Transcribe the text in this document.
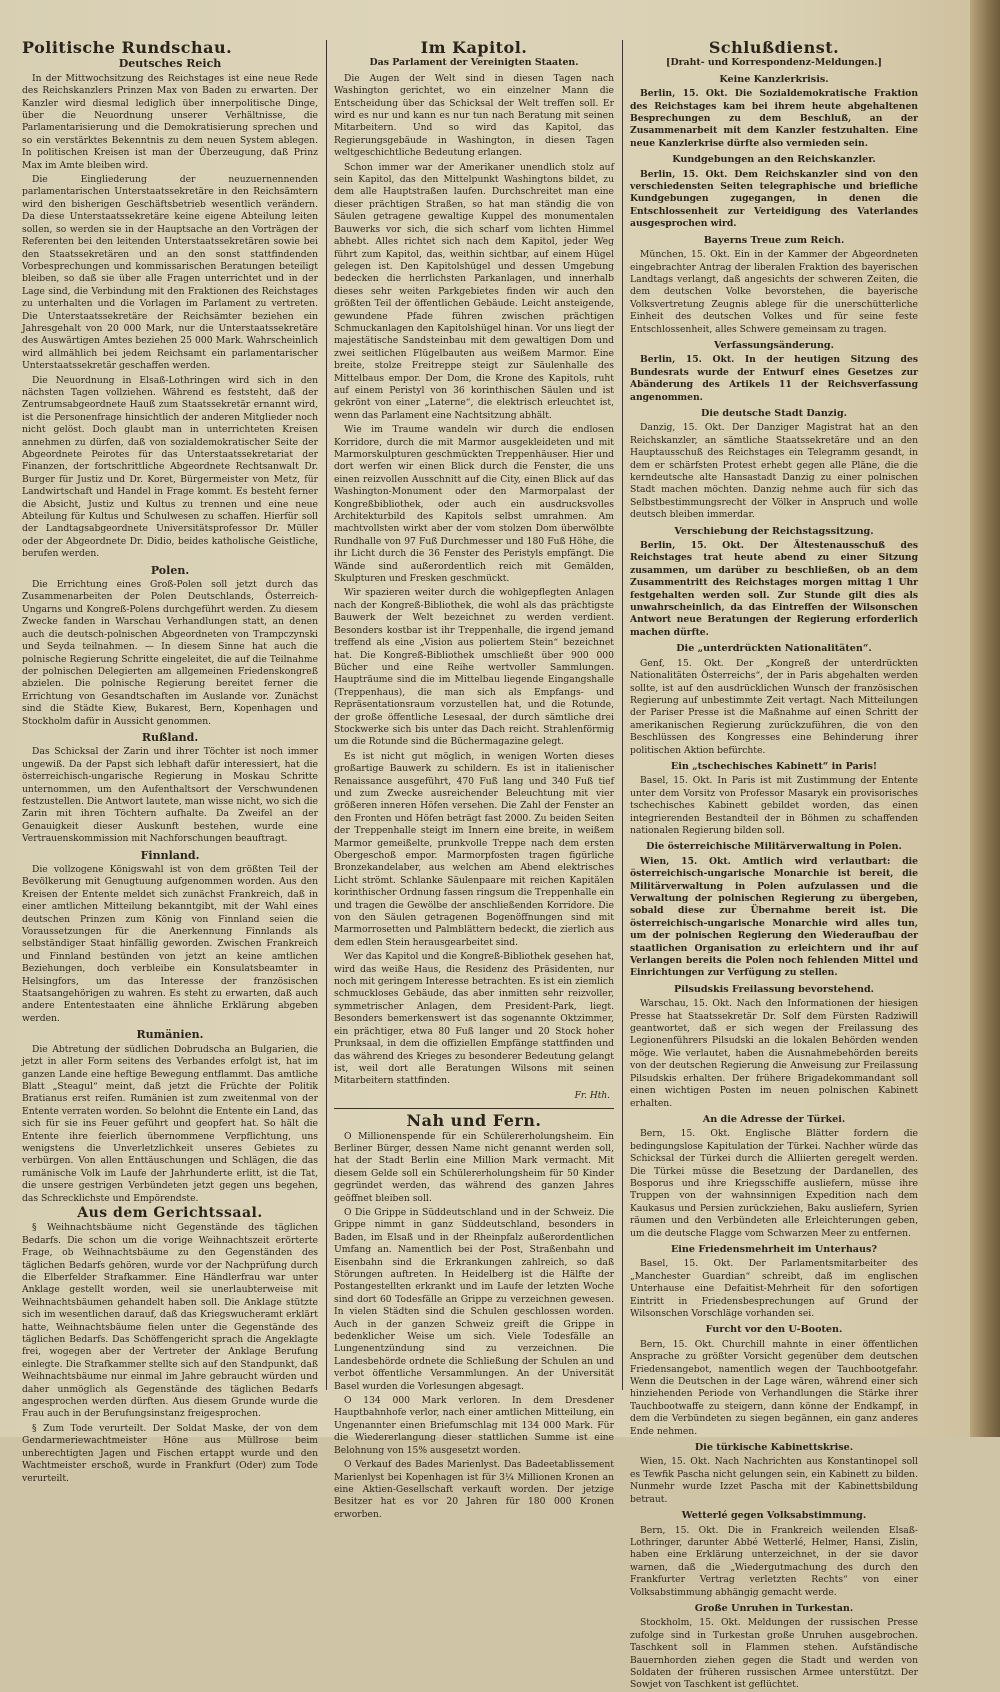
Politische Rundschau.
Deutsches Reich

In der Mittwochsitzung des Reichstages ist eine neue Rede des Reichskanzlers Prinzen Max von Baden zu erwarten. Der Kanzler wird diesmal lediglich über innerpolitische Dinge, über die Neuordnung unserer Verhältnisse, die Parlamentarisierung und die Demokratisierung sprechen und so ein verstärktes Bekenntnis zu dem neuen System ablegen. In politischen Kreisen ist man der Überzeugung, daß Prinz Max im Amte bleiben wird.

Die Eingliederung der neuzuernennenden parlamentarischen Unterstaatssekretäre in den Reichsämtern wird den bisherigen Geschäftsbetrieb wesentlich verändern. Da diese Unterstaatssekretäre keine eigene Abteilung leiten sollen, so werden sie in der Hauptsache an den Vorträgen der Referenten bei den leitenden Unterstaatssekretären sowie bei den Staatssekretären und an den sonst stattfindenden Vorbesprechungen und kommissarischen Beratungen beteiligt bleiben, so daß sie über alle Fragen unterrichtet und in der Lage sind, die Verbindung mit den Fraktionen des Reichstages zu unterhalten und die Vorlagen im Parlament zu vertreten. Die Unterstaatssekretäre der Reichsämter beziehen ein Jahresgehalt von 20 000 Mark, nur die Unterstaatssekretäre des Auswärtigen Amtes beziehen 25 000 Mark. Wahrscheinlich wird allmählich bei jedem Reichsamt ein parlamentarischer Unterstaatssekretär geschaffen werden.

Die Neuordnung in Elsaß-Lothringen wird sich in den nächsten Tagen vollziehen. Während es feststeht, daß der Zentrumsabgeordnete Hauß zum Staatssekretär ernannt wird, ist die Personenfrage hinsichtlich der anderen Mitglieder noch nicht gelöst. Doch glaubt man in unterrichteten Kreisen annehmen zu dürfen, daß von sozialdemokratischer Seite der Abgeordnete Peirotes für das Unterstaatssekretariat der Finanzen, der fortschrittliche Abgeordnete Rechtsanwalt Dr. Burger für Justiz und Dr. Koret, Bürgermeister von Metz, für Landwirtschaft und Handel in Frage kommt. Es besteht ferner die Absicht, Justiz und Kultus zu trennen und eine neue Abteilung für Kultus und Schulwesen zu schaffen. Hierfür soll der Landtagsabgeordnete Universitätsprofessor Dr. Müller oder der Abgeordnete Dr. Didio, beides katholische Geistliche, berufen werden.

Polen.

Die Errichtung eines Groß-Polen soll jetzt durch das Zusammenarbeiten der Polen Deutschlands, Österreich-Ungarns und Kongreß-Polens durchgeführt werden. Zu diesem Zwecke fanden in Warschau Verhandlungen statt, an denen auch die deutsch-polnischen Abgeordneten von Trampczynski und Seyda teilnahmen. — In diesem Sinne hat auch die polnische Regierung Schritte eingeleitet, die auf die Teilnahme der polnischen Delegierten am allgemeinen Friedenskongreß abzielen. Die polnische Regierung bereitet ferner die Errichtung von Gesandtschaften im Auslande vor. Zunächst sind die Städte Kiew, Bukarest, Bern, Kopenhagen und Stockholm dafür in Aussicht genommen.

Rußland.

Das Schicksal der Zarin und ihrer Töchter ist noch immer ungewiß. Da der Papst sich lebhaft dafür interessiert, hat die österreichisch-ungarische Regierung in Moskau Schritte unternommen, um den Aufenthaltsort der Verschwundenen festzustellen. Die Antwort lautete, man wisse nicht, wo sich die Zarin mit ihren Töchtern aufhalte. Da Zweifel an der Genauigkeit dieser Auskunft bestehen, wurde eine Vertrauenskommission mit Nachforschungen beauftragt.

Finnland.

Die vollzogene Königswahl ist von dem größten Teil der Bevölkerung mit Genugtuung aufgenommen worden. Aus den Kreisen der Entente meldet sich zunächst Frankreich, daß in einer amtlichen Mitteilung bekanntgibt, mit der Wahl eines deutschen Prinzen zum König von Finnland seien die Voraussetzungen für die Anerkennung Finnlands als selbständiger Staat hinfällig geworden. Zwischen Frankreich und Finnland bestünden von jetzt an keine amtlichen Beziehungen, doch verbleibe ein Konsulatsbeamter in Helsingfors, um das Interesse der französischen Staatsangehörigen zu wahren. Es steht zu erwarten, daß auch andere Ententestaaten eine ähnliche Erklärung abgeben werden.

Rumänien.

Die Abtretung der südlichen Dobrudscha an Bulgarien, die jetzt in aller Form seitens des Verbandes erfolgt ist, hat im ganzen Lande eine heftige Bewegung entflammt. Das amtliche Blatt „Steagul“ meint, daß jetzt die Früchte der Politik Bratianus erst reifen. Rumänien ist zum zweitenmal von der Entente verraten worden. So belohnt die Entente ein Land, das sich für sie ins Feuer geführt und geopfert hat. So hält die Entente ihre feierlich übernommene Verpflichtung, uns wenigstens die Unverletzlichkeit unseres Gebietes zu verbürgen. Von allen Enttäuschungen und Schlägen, die das rumänische Volk im Laufe der Jahrhunderte erlitt, ist die Tat, die unsere gestrigen Verbündeten jetzt gegen uns begehen, das Schrecklichste und Empörendste.

Aus dem Gerichtssaal.

§ Weihnachtsbäume nicht Gegenstände des täglichen Bedarfs. Die schon um die vorige Weihnachtszeit erörterte Frage, ob Weihnachtsbäume zu den Gegenständen des täglichen Bedarfs gehören, wurde vor der Nachprüfung durch die Elberfelder Strafkammer. Eine Händlerfrau war unter Anklage gestellt worden, weil sie unerlaubterweise mit Weihnachtsbäumen gehandelt haben soll. Die Anklage stützte sich im wesentlichen darauf, daß das Kriegswucheramt erklärt hatte, Weihnachtsbäume fielen unter die Gegenstände des täglichen Bedarfs. Das Schöffengericht sprach die Angeklagte frei, wogegen aber der Vertreter der Anklage Berufung einlegte. Die Strafkammer stellte sich auf den Standpunkt, daß Weihnachtsbäume nur einmal im Jahre gebraucht würden und daher unmöglich als Gegenstände des täglichen Bedarfs angesprochen werden dürften. Aus diesem Grunde wurde die Frau auch in der Berufungsinstanz freigesprochen.

§ Zum Tode verurteilt. Der Soldat Maske, der von dem Gendarmeriewachtmeister Höne aus Müllrose beim unberechtigten Jagen und Fischen ertappt wurde und den Wachtmeister erschoß, wurde in Frankfurt (Oder) zum Tode verurteilt.

Im Kapitol.
Das Parlament der Vereinigten Staaten.

Die Augen der Welt sind in diesen Tagen nach Washington gerichtet, wo ein einzelner Mann die Entscheidung über das Schicksal der Welt treffen soll. Er wird es nur und kann es nur tun nach Beratung mit seinen Mitarbeitern. Und so wird das Kapitol, das Regierungsgebäude in Washington, in diesen Tagen weltgeschichtliche Bedeutung erlangen.

Schon immer war der Amerikaner unendlich stolz auf sein Kapitol, das den Mittelpunkt Washingtons bildet, zu dem alle Hauptstraßen laufen. Durchschreitet man eine dieser prächtigen Straßen, so hat man ständig die von Säulen getragene gewaltige Kuppel des monumentalen Bauwerks vor sich, die sich scharf vom lichten Himmel abhebt. Alles richtet sich nach dem Kapitol, jeder Weg führt zum Kapitol, das, weithin sichtbar, auf einem Hügel gelegen ist. Den Kapitolshügel und dessen Umgebung bedecken die herrlichsten Parkanlagen, und innerhalb dieses sehr weiten Parkgebietes finden wir auch den größten Teil der öffentlichen Gebäude. Leicht ansteigende, gewundene Pfade führen zwischen prächtigen Schmuckanlagen den Kapitolshügel hinan. Vor uns liegt der majestätische Sandsteinbau mit dem gewaltigen Dom und zwei seitlichen Flügelbauten aus weißem Marmor. Eine breite, stolze Freitreppe steigt zur Säulenhalle des Mittelbaus empor. Der Dom, die Krone des Kapitols, ruht auf einem Peristyl von 36 korinthischen Säulen und ist gekrönt von einer „Laterne“, die elektrisch erleuchtet ist, wenn das Parlament eine Nachtsitzung abhält.

Wie im Traume wandeln wir durch die endlosen Korridore, durch die mit Marmor ausgekleideten und mit Marmorskulpturen geschmückten Treppenhäuser. Hier und dort werfen wir einen Blick durch die Fenster, die uns einen reizvollen Ausschnitt auf die City, einen Blick auf das Washington-Monument oder den Marmorpalast der Kongreßbibliothek, oder auch ein ausdrucksvolles Architekturbild des Kapitols selbst umrahmen. Am machtvollsten wirkt aber der vom stolzen Dom überwölbte Rundhalle von 97 Fuß Durchmesser und 180 Fuß Höhe, die ihr Licht durch die 36 Fenster des Peristyls empfängt. Die Wände sind außerordentlich reich mit Gemälden, Skulpturen und Fresken geschmückt.

Wir spazieren weiter durch die wohlgepflegten Anlagen nach der Kongreß-Bibliothek, die wohl als das prächtigste Bauwerk der Welt bezeichnet zu werden verdient. Besonders kostbar ist ihr Treppenhalle, die irgend jemand treffend als eine „Vision aus poliertem Stein“ bezeichnet hat. Die Kongreß-Bibliothek umschließt über 900 000 Bücher und eine Reihe wertvoller Sammlungen. Haupträume sind die im Mittelbau liegende Eingangshalle (Treppenhaus), die man sich als Empfangs- und Repräsentationsraum vorzustellen hat, und die Rotunde, der große öffentliche Lesesaal, der durch sämtliche drei Stockwerke sich bis unter das Dach reicht. Strahlenförmig um die Rotunde sind die Büchermagazine gelegt.

Es ist nicht gut möglich, in wenigen Worten dieses großartige Bauwerk zu schildern. Es ist in italienischer Renaissance ausgeführt, 470 Fuß lang und 340 Fuß tief und zum Zwecke ausreichender Beleuchtung mit vier größeren inneren Höfen versehen. Die Zahl der Fenster an den Fronten und Höfen beträgt fast 2000. Zu beiden Seiten der Treppenhalle steigt im Innern eine breite, in weißem Marmor gemeißelte, prunkvolle Treppe nach dem ersten Obergeschoß empor. Marmorpfosten tragen figürliche Bronzekandelaber, aus welchen am Abend elektrisches Licht strömt. Schlanke Säulenpaare mit reichen Kapitälen korinthischer Ordnung fassen ringsum die Treppenhalle ein und tragen die Gewölbe der anschließenden Korridore. Die von den Säulen getragenen Bogenöffnungen sind mit Marmorrosetten und Palmblättern bedeckt, die zierlich aus dem edlen Stein herausgearbeitet sind.

Wer das Kapitol und die Kongreß-Bibliothek gesehen hat, wird das weiße Haus, die Residenz des Präsidenten, nur noch mit geringem Interesse betrachten. Es ist ein ziemlich schmuckloses Gebäude, das aber inmitten sehr reizvoller, symmetrischer Anlagen, dem President-Park, liegt. Besonders bemerkenswert ist das sogenannte Oktzimmer, ein prächtiger, etwa 80 Fuß langer und 20 Stock hoher Prunksaal, in dem die offiziellen Empfänge stattfinden und das während des Krieges zu besonderer Bedeutung gelangt ist, weil dort alle Beratungen Wilsons mit seinen Mitarbeitern stattfinden.

Fr. Hth.
Nah und Fern.

O Millionenspende für ein Schülererholungsheim. Ein Berliner Bürger, dessen Name nicht genannt werden soll, hat der Stadt Berlin eine Million Mark vermacht. Mit diesem Gelde soll ein Schülererholungsheim für 50 Kinder gegründet werden, das während des ganzen Jahres geöffnet bleiben soll.

O Die Grippe in Süddeutschland und in der Schweiz. Die Grippe nimmt in ganz Süddeutschland, besonders in Baden, im Elsaß und in der Rheinpfalz außerordentlichen Umfang an. Namentlich bei der Post, Straßenbahn und Eisenbahn sind die Erkrankungen zahlreich, so daß Störungen auftreten. In Heidelberg ist die Hälfte der Postangestellten erkrankt und im Laufe der letzten Woche sind dort 60 Todesfälle an Grippe zu verzeichnen gewesen. In vielen Städten sind die Schulen geschlossen worden. Auch in der ganzen Schweiz greift die Grippe in bedenklicher Weise um sich. Viele Todesfälle an Lungenentzündung sind zu verzeichnen. Die Landesbehörde ordnete die Schließung der Schulen an und verbot öffentliche Versammlungen. An der Universität Basel wurden die Vorlesungen abgesagt.

O 134 000 Mark verloren. In dem Dresdener Hauptbahnhofe verlor, nach einer amtlichen Mitteilung, ein Ungenannter einen Briefumschlag mit 134 000 Mark. Für die Wiedererlangung dieser stattlichen Summe ist eine Belohnung von 15% ausgesetzt worden.

O Verkauf des Bades Marienlyst. Das Badeetablissement Marienlyst bei Kopenhagen ist für 3¼ Millionen Kronen an eine Aktien-Gesellschaft verkauft worden. Der jetzige Besitzer hat es vor 20 Jahren für 180 000 Kronen erworben.

Schlußdienst.
[Draht- und Korrespondenz-Meldungen.]
Keine Kanzlerkrisis.

Berlin, 15. Okt. Die Sozialdemokratische Fraktion des Reichstages kam bei ihrem heute abgehaltenen Besprechungen zu dem Beschluß, an der Zusammenarbeit mit dem Kanzler festzuhalten. Eine neue Kanzlerkrise dürfte also vermieden sein.

Kundgebungen an den Reichskanzler.

Berlin, 15. Okt. Dem Reichskanzler sind von den verschiedensten Seiten telegraphische und briefliche Kundgebungen zugegangen, in denen die Entschlossenheit zur Verteidigung des Vaterlandes ausgesprochen wird.

Bayerns Treue zum Reich.

München, 15. Okt. Ein in der Kammer der Abgeordneten eingebrachter Antrag der liberalen Fraktion des bayerischen Landtags verlangt, daß angesichts der schweren Zeiten, die dem deutschen Volke bevorstehen, die bayerische Volksvertretung Zeugnis ablege für die unerschütterliche Einheit des deutschen Volkes und für seine feste Entschlossenheit, alles Schwere gemeinsam zu tragen.

Verfassungsänderung.

Berlin, 15. Okt. In der heutigen Sitzung des Bundesrats wurde der Entwurf eines Gesetzes zur Abänderung des Artikels 11 der Reichsverfassung angenommen.

Die deutsche Stadt Danzig.

Danzig, 15. Okt. Der Danziger Magistrat hat an den Reichskanzler, an sämtliche Staatssekretäre und an den Hauptausschuß des Reichstages ein Telegramm gesandt, in dem er schärfsten Protest erhebt gegen alle Pläne, die die kerndeutsche alte Hansastadt Danzig zu einer polnischen Stadt machen möchten. Danzig nehme auch für sich das Selbstbestimmungsrecht der Völker in Anspruch und wolle deutsch bleiben immerdar.

Verschiebung der Reichstagssitzung.

Berlin, 15. Okt. Der Ältestenausschuß des Reichstages trat heute abend zu einer Sitzung zusammen, um darüber zu beschließen, ob an dem Zusammentritt des Reichstages morgen mittag 1 Uhr festgehalten werden soll. Zur Stunde gilt dies als unwahrscheinlich, da das Eintreffen der Wilsonschen Antwort neue Beratungen der Regierung erforderlich machen dürfte.

Die „unterdrückten Nationalitäten“.

Genf, 15. Okt. Der „Kongreß der unterdrückten Nationalitäten Österreichs“, der in Paris abgehalten werden sollte, ist auf den ausdrücklichen Wunsch der französischen Regierung auf unbestimmte Zeit vertagt. Nach Mitteilungen der Pariser Presse ist die Maßnahme auf einen Schritt der amerikanischen Regierung zurückzuführen, die von den Beschlüssen des Kongresses eine Behinderung ihrer politischen Aktion befürchte.

Ein „tschechisches Kabinett“ in Paris!

Basel, 15. Okt. In Paris ist mit Zustimmung der Entente unter dem Vorsitz von Professor Masaryk ein provisorisches tschechisches Kabinett gebildet worden, das einen integrierenden Bestandteil der in Böhmen zu schaffenden nationalen Regierung bilden soll.

Die österreichische Militärverwaltung in Polen.

Wien, 15. Okt. Amtlich wird verlautbart: die österreichisch-ungarische Monarchie ist bereit, die Militärverwaltung in Polen aufzulassen und die Verwaltung der polnischen Regierung zu übergeben, sobald diese zur Übernahme bereit ist. Die österreichisch-ungarische Monarchie wird alles tun, um der polnischen Regierung den Wiederaufbau der staatlichen Organisation zu erleichtern und ihr auf Verlangen bereits die Polen noch fehlenden Mittel und Einrichtungen zur Verfügung zu stellen.

Pilsudskis Freilassung bevorstehend.

Warschau, 15. Okt. Nach den Informationen der hiesigen Presse hat Staatssekretär Dr. Solf dem Fürsten Radziwill geantwortet, daß er sich wegen der Freilassung des Legionenführers Pilsudski an die lokalen Behörden wenden möge. Wie verlautet, haben die Ausnahmebehörden bereits von der deutschen Regierung die Anweisung zur Freilassung Pilsudskis erhalten. Der frühere Brigadekommandant soll einen wichtigen Posten im neuen polnischen Kabinett erhalten.

An die Adresse der Türkei.

Bern, 15. Okt. Englische Blätter fordern die bedingungslose Kapitulation der Türkei. Nachher würde das Schicksal der Türkei durch die Alliierten geregelt werden. Die Türkei müsse die Besetzung der Dardanellen, des Bosporus und ihre Kriegsschiffe ausliefern, müsse ihre Truppen von der wahnsinnigen Expedition nach dem Kaukasus und Persien zurückziehen, Baku ausliefern, Syrien räumen und den Verbündeten alle Erleichterungen geben, um die deutsche Flagge vom Schwarzen Meer zu entfernen.

Eine Friedensmehrheit im Unterhaus?

Basel, 15. Okt. Der Parlamentsmitarbeiter des „Manchester Guardian“ schreibt, daß im englischen Unterhause eine Defaitist-Mehrheit für den sofortigen Eintritt in Friedensbesprechungen auf Grund der Wilsonschen Vorschläge vorhanden sei.

Furcht vor den U-Booten.

Bern, 15. Okt. Churchill mahnte in einer öffentlichen Ansprache zu größter Vorsicht gegenüber dem deutschen Friedensangebot, namentlich wegen der Tauchbootgefahr. Wenn die Deutschen in der Lage wären, während einer sich hinziehenden Periode von Verhandlungen die Stärke ihrer Tauchbootwaffe zu steigern, dann könne der Endkampf, in dem die Verbündeten zu siegen begännen, ein ganz anderes Ende nehmen.

Die türkische Kabinettskrise.

Wien, 15. Okt. Nach Nachrichten aus Konstantinopel soll es Tewfik Pascha nicht gelungen sein, ein Kabinett zu bilden. Nunmehr wurde Izzet Pascha mit der Kabinettsbildung betraut.

Wetterlé gegen Volksabstimmung.

Bern, 15. Okt. Die in Frankreich weilenden Elsaß-Lothringer, darunter Abbé Wetterlé, Helmer, Hansi, Zislin, haben eine Erklärung unterzeichnet, in der sie davor warnen, daß die „Wiedergutmachung des durch den Frankfurter Vertrag verletzten Rechts“ von einer Volksabstimmung abhängig gemacht werde.

Große Unruhen in Turkestan.

Stockholm, 15. Okt. Meldungen der russischen Presse zufolge sind in Turkestan große Unruhen ausgebrochen. Taschkent soll in Flammen stehen. Aufständische Bauernhorden ziehen gegen die Stadt und werden von Soldaten der früheren russischen Armee unterstützt. Der Sowjet von Taschkent ist geflüchtet.
